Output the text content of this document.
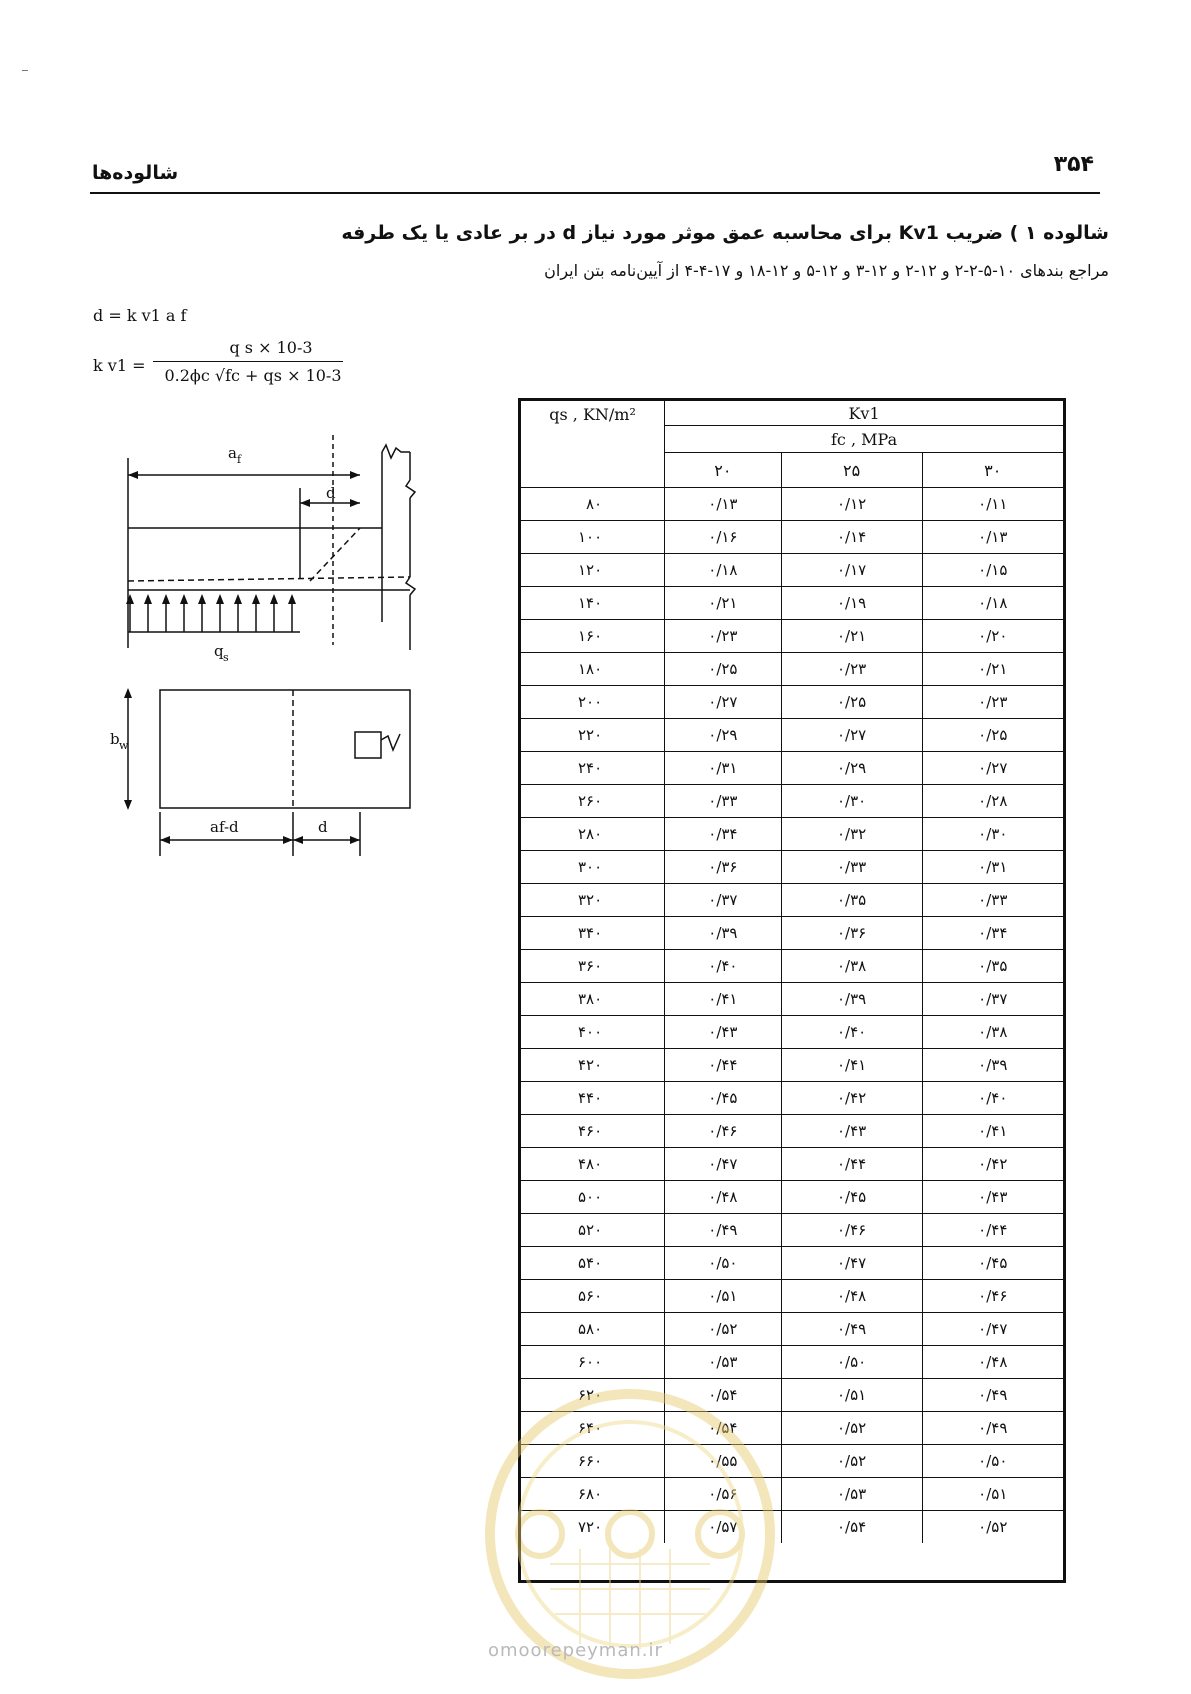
۳۵۴
شالوده‌ها
شالوده ۱ ) ضریب Kv1 برای محاسبه عمق موثر مورد نیاز d در بر عادی یا یک طرفه
مراجع بندهای ۱۰-۵-۲-۲ و ۱۲-۲ و ۱۲-۳ و ۱۲-۵ و ۱۲-۱۸ و ۱۷-۴-۴ از آیین‌نامه بتن ایران
d = k v1 a f
k v1 =
q s × 10-3
0.2ϕc √fc + qs × 10-3
a f
d
q s
b w
af-d	d
qs , KN/m²	Kv1		
	fc , MPa		
	۲۰	۲۵	۳۰
۸۰	۰/۱۳	۰/۱۲	۰/۱۱
۱۰۰	۰/۱۶	۰/۱۴	۰/۱۳
۱۲۰	۰/۱۸	۰/۱۷	۰/۱۵
۱۴۰	۰/۲۱	۰/۱۹	۰/۱۸
۱۶۰	۰/۲۳	۰/۲۱	۰/۲۰
۱۸۰	۰/۲۵	۰/۲۳	۰/۲۱
۲۰۰	۰/۲۷	۰/۲۵	۰/۲۳
۲۲۰	۰/۲۹	۰/۲۷	۰/۲۵
۲۴۰	۰/۳۱	۰/۲۹	۰/۲۷
۲۶۰	۰/۳۳	۰/۳۰	۰/۲۸
۲۸۰	۰/۳۴	۰/۳۲	۰/۳۰
۳۰۰	۰/۳۶	۰/۳۳	۰/۳۱
۳۲۰	۰/۳۷	۰/۳۵	۰/۳۳
۳۴۰	۰/۳۹	۰/۳۶	۰/۳۴
۳۶۰	۰/۴۰	۰/۳۸	۰/۳۵
۳۸۰	۰/۴۱	۰/۳۹	۰/۳۷
۴۰۰	۰/۴۳	۰/۴۰	۰/۳۸
۴۲۰	۰/۴۴	۰/۴۱	۰/۳۹
۴۴۰	۰/۴۵	۰/۴۲	۰/۴۰
۴۶۰	۰/۴۶	۰/۴۳	۰/۴۱
۴۸۰	۰/۴۷	۰/۴۴	۰/۴۲
۵۰۰	۰/۴۸	۰/۴۵	۰/۴۳
۵۲۰	۰/۴۹	۰/۴۶	۰/۴۴
۵۴۰	۰/۵۰	۰/۴۷	۰/۴۵
۵۶۰	۰/۵۱	۰/۴۸	۰/۴۶
۵۸۰	۰/۵۲	۰/۴۹	۰/۴۷
۶۰۰	۰/۵۳	۰/۵۰	۰/۴۸
۶۲۰	۰/۵۴	۰/۵۱	۰/۴۹
۶۴۰	۰/۵۴	۰/۵۲	۰/۴۹
۶۶۰	۰/۵۵	۰/۵۲	۰/۵۰
۶۸۰	۰/۵۶	۰/۵۳	۰/۵۱
۷۲۰	۰/۵۷	۰/۵۴	۰/۵۲
omoorepeyman.ir
